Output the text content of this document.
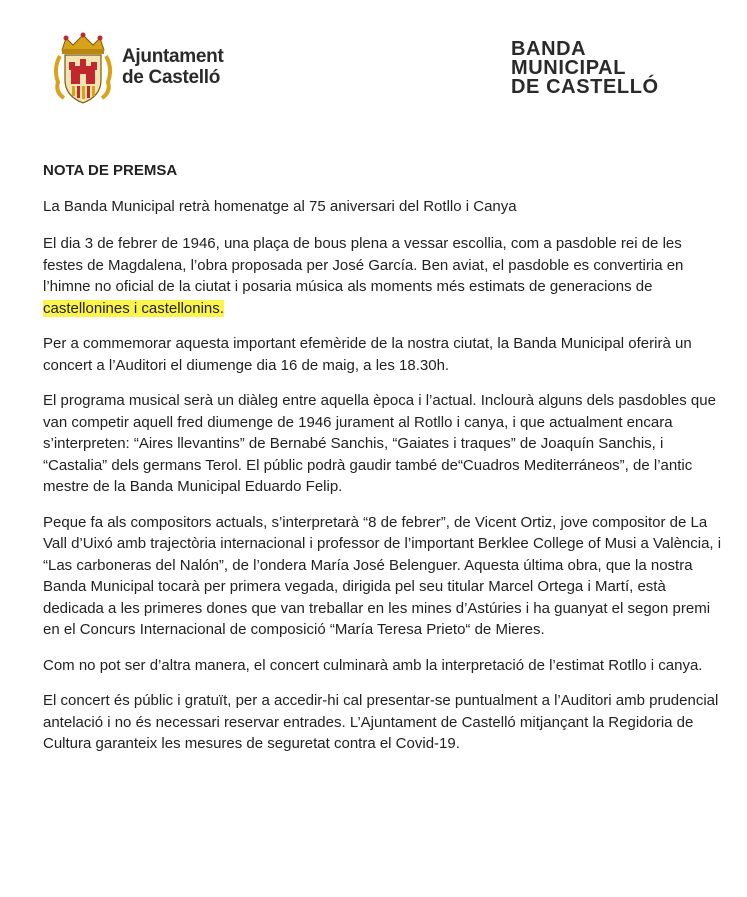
Ajuntament
de Castelló
BANDA
MUNICIPAL
DE CASTELLÓ
NOTA DE PREMSA

La Banda Municipal retrà homenatge al 75 aniversari del Rotllo i Canya

El dia 3 de febrer de 1946, una plaça de bous plena a vessar escollia, com a pasdoble rei de les festes de Magdalena, l’obra proposada per José García. Ben aviat, el pasdoble es convertiria en l’himne no oficial de la ciutat i posaria música als moments més estimats de generacions de castellonines i castellonins.

Per a commemorar aquesta important efemèride de la nostra ciutat, la Banda Municipal oferirà un concert a l’Auditori el diumenge dia 16 de maig, a les 18.30h.

El programa musical serà un diàleg entre aquella època i l’actual. Inclourà alguns dels pasdobles que van competir aquell fred diumenge de 1946 jurament al Rotllo i canya, i que actualment encara s’interpreten: “Aires llevantins” de Bernabé Sanchis, “Gaiates i traques” de Joaquín Sanchis, i “Castalia” dels germans Terol. El públic podrà gaudir també de“Cuadros Mediterráneos”, de l’antic mestre de la Banda Municipal Eduardo Felip.

Peque fa als compositors actuals, s’interpretarà “8 de febrer”, de Vicent Ortiz, jove compositor de La Vall d’Uixó amb trajectòria internacional i professor de l’important Berklee College of Musi a València, i “Las carboneras del Nalón”, de l’ondera María José Belenguer. Aquesta última obra, que la nostra Banda Municipal tocarà per primera vegada, dirigida pel seu titular Marcel Ortega i Martí, està dedicada a les primeres dones que van treballar en les mines d’Astúries i ha guanyat el segon premi en el Concurs Internacional de composició “María Teresa Prieto“ de Mieres.

Com no pot ser d’altra manera, el concert culminarà amb la interpretació de l’estimat Rotllo i canya.

El concert és públic i gratuït, per a accedir-hi cal presentar-se puntualment a l’Auditori amb prudencial antelació i no és necessari reservar entrades. L’Ajuntament de Castelló mitjançant la Regidoria de Cultura garanteix les mesures de seguretat contra el Covid-19.
